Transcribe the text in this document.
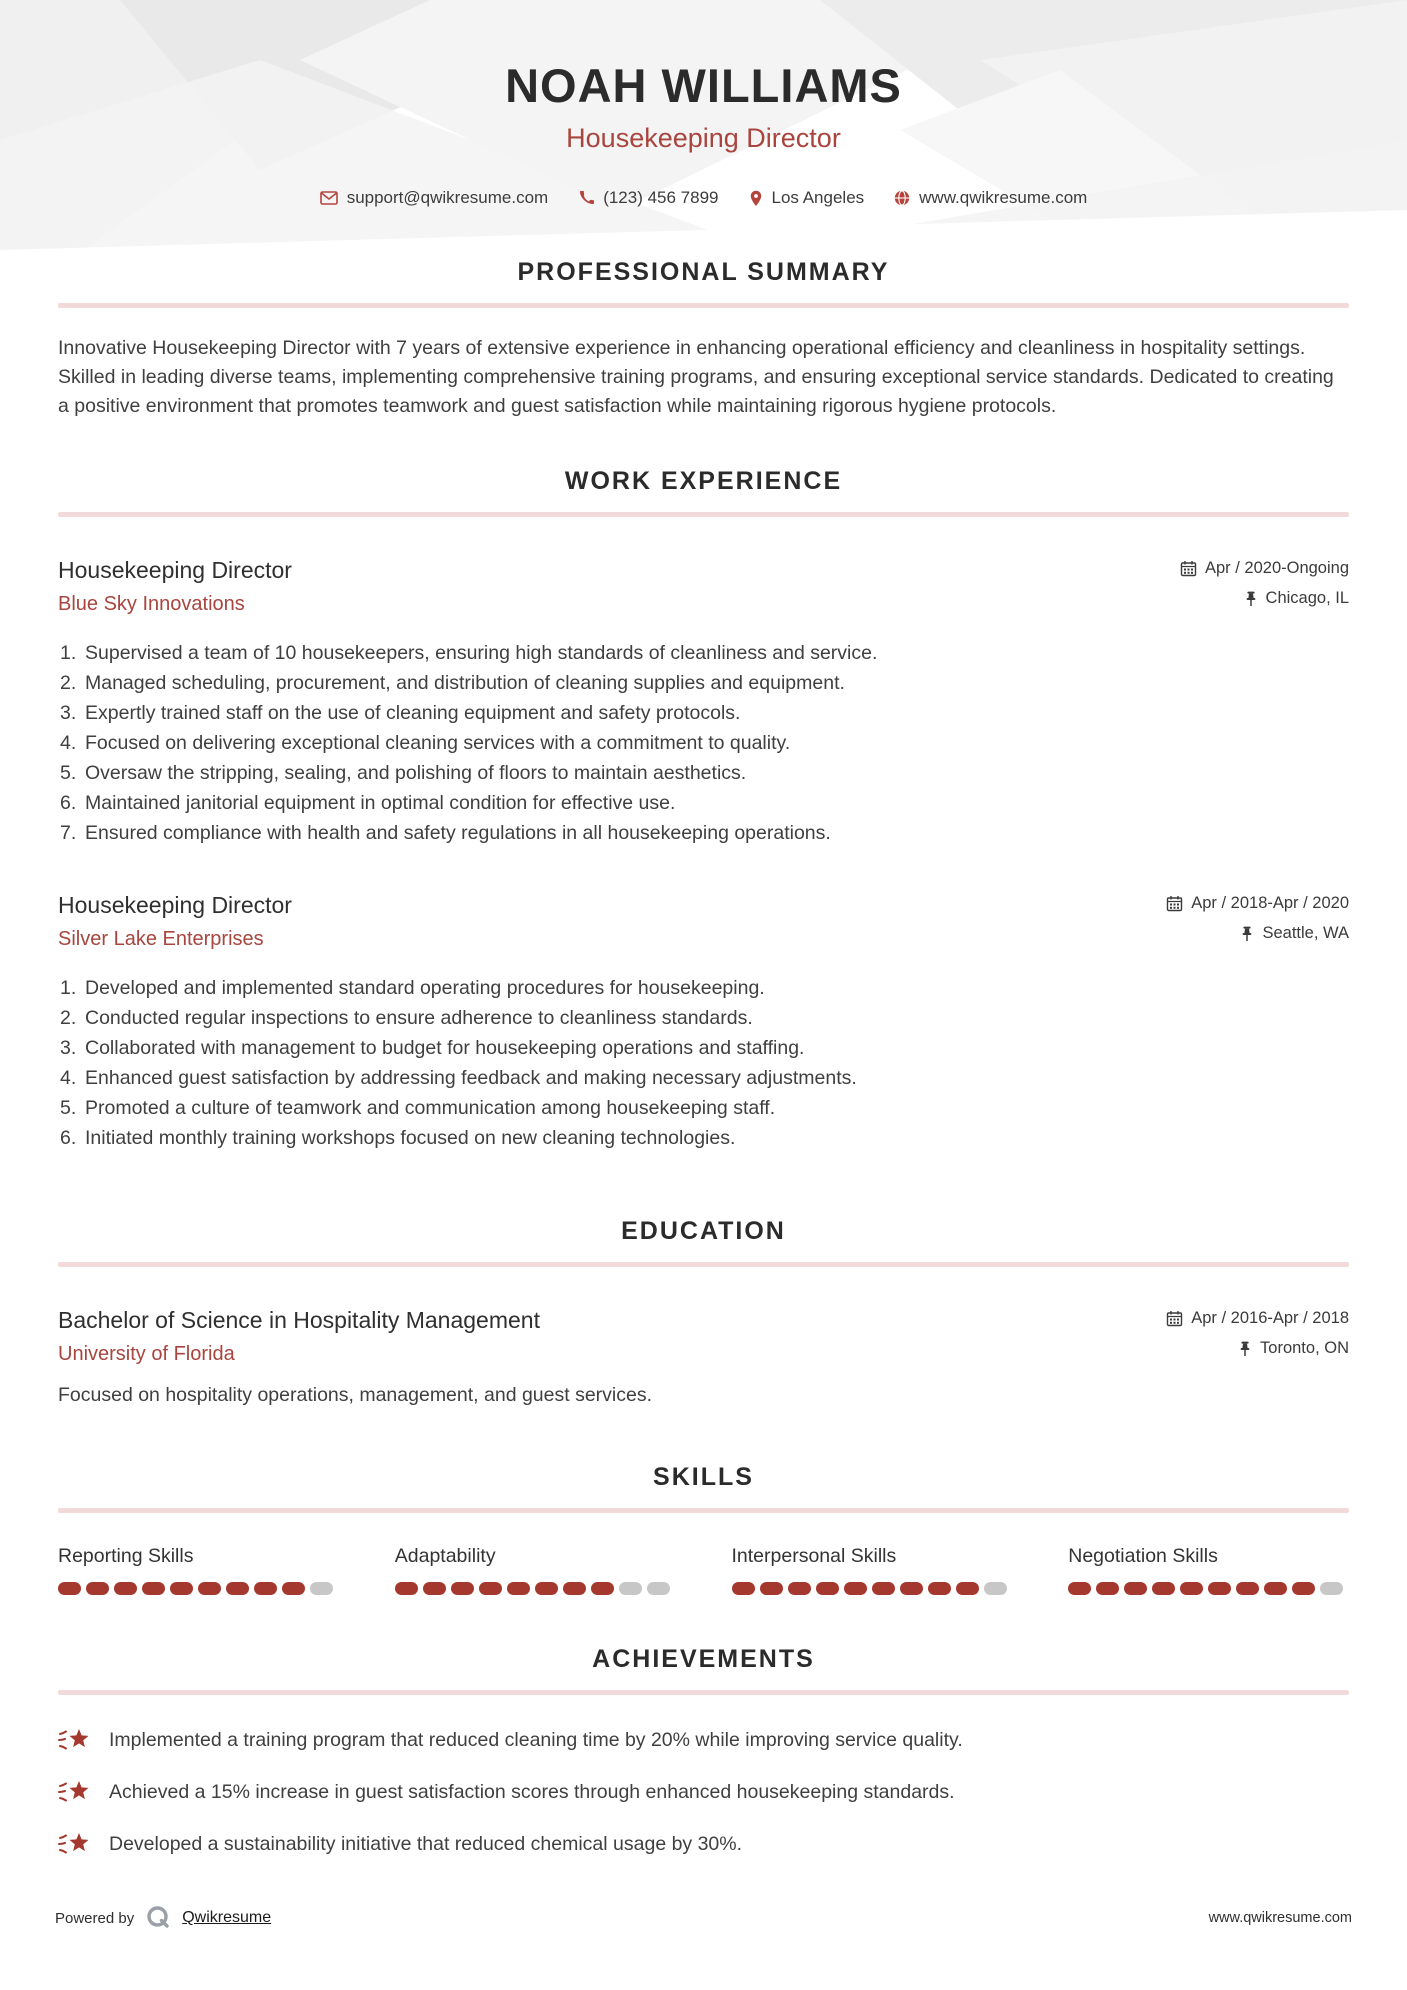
NOAH WILLIAMS
Housekeeping Director
support@qwikresume.com	(123) 456 7899	Los Angeles	www.qwikresume.com
PROFESSIONAL SUMMARY

Innovative Housekeeping Director with 7 years of extensive experience in enhancing operational efficiency and cleanliness in hospitality settings. Skilled in leading diverse teams, implementing comprehensive training programs, and ensuring exceptional service standards. Dedicated to creating a positive environment that promotes teamwork and guest satisfaction while maintaining rigorous hygiene protocols.

WORK EXPERIENCE
Housekeeping Director
Blue Sky Innovations
Apr / 2020-Ongoing
Chicago, IL
Supervised a team of 10 housekeepers, ensuring high standards of cleanliness and service.
Managed scheduling, procurement, and distribution of cleaning supplies and equipment.
Expertly trained staff on the use of cleaning equipment and safety protocols.
Focused on delivering exceptional cleaning services with a commitment to quality.
Oversaw the stripping, sealing, and polishing of floors to maintain aesthetics.
Maintained janitorial equipment in optimal condition for effective use.
Ensured compliance with health and safety regulations in all housekeeping operations.
Housekeeping Director
Silver Lake Enterprises
Apr / 2018-Apr / 2020
Seattle, WA
Developed and implemented standard operating procedures for housekeeping.
Conducted regular inspections to ensure adherence to cleanliness standards.
Collaborated with management to budget for housekeeping operations and staffing.
Enhanced guest satisfaction by addressing feedback and making necessary adjustments.
Promoted a culture of teamwork and communication among housekeeping staff.
Initiated monthly training workshops focused on new cleaning technologies.
EDUCATION
Bachelor of Science in Hospitality Management
University of Florida
Apr / 2016-Apr / 2018
Toronto, ON

Focused on hospitality operations, management, and guest services.

SKILLS
Reporting Skills	Adaptability	Interpersonal Skills	Negotiation Skills
ACHIEVEMENTS
Implemented a training program that reduced cleaning time by 20% while improving service quality.
Achieved a 15% increase in guest satisfaction scores through enhanced housekeeping standards.
Developed a sustainability initiative that reduced chemical usage by 30%.
Powered by	Qwikresume	www.qwikresume.com
